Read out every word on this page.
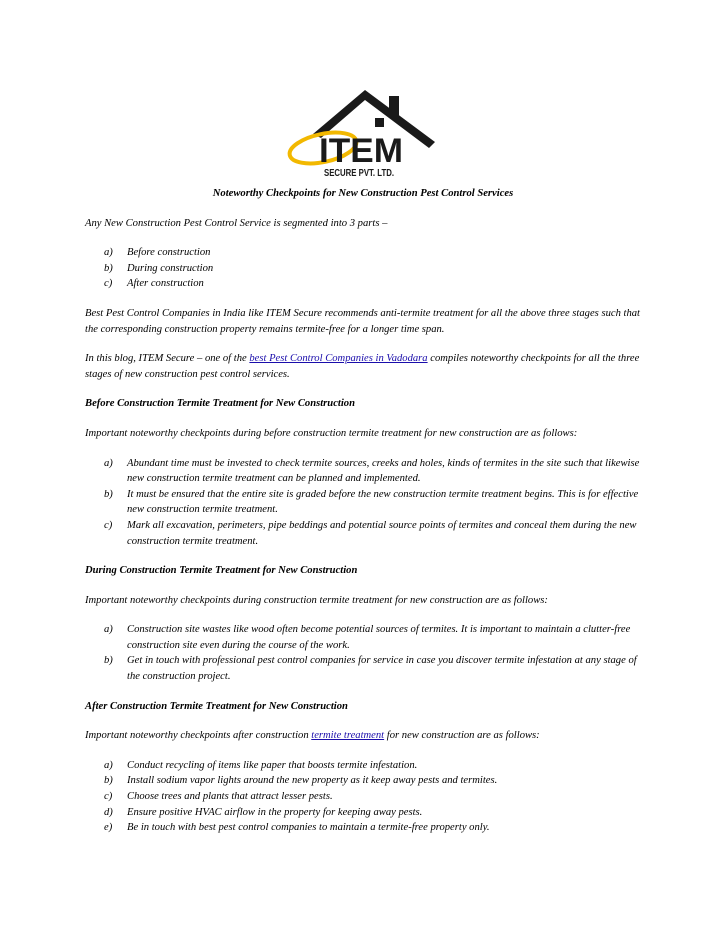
ITEM
SECURE PVT. LTD.
Noteworthy Checkpoints for New Construction Pest Control Services

Any New Construction Pest Control Service is segmented into 3 parts –

a)	Before construction
b)	During construction
c)	After construction

Best Pest Control Companies in India like ITEM Secure recommends anti-termite treatment for all the above three stages such that the corresponding construction property remains termite-free for a longer time span.

In this blog, ITEM Secure – one of the best Pest Control Companies in Vadodara compiles noteworthy checkpoints for all the three stages of new construction pest control services.

Before Construction Termite Treatment for New Construction

Important noteworthy checkpoints during before construction termite treatment for new construction are as follows:

a)	Abundant time must be invested to check termite sources, creeks and holes, kinds of termites in the site such that likewise new construction termite treatment can be planned and implemented.
b)	It must be ensured that the entire site is graded before the new construction termite treatment begins. This is for effective new construction termite treatment.
c)	Mark all excavation, perimeters, pipe beddings and potential source points of termites and conceal them during the new construction termite treatment.
During Construction Termite Treatment for New Construction

Important noteworthy checkpoints during construction termite treatment for new construction are as follows:

a)	Construction site wastes like wood often become potential sources of termites. It is important to maintain a clutter-free construction site even during the course of the work.
b)	Get in touch with professional pest control companies for service in case you discover termite infestation at any stage of the construction project.
After Construction Termite Treatment for New Construction

Important noteworthy checkpoints after construction termite treatment for new construction are as follows:

a)	Conduct recycling of items like paper that boosts termite infestation.
b)	Install sodium vapor lights around the new property as it keep away pests and termites.
c)	Choose trees and plants that attract lesser pests.
d)	Ensure positive HVAC airflow in the property for keeping away pests.
e)	Be in touch with best pest control companies to maintain a termite-free property only.
